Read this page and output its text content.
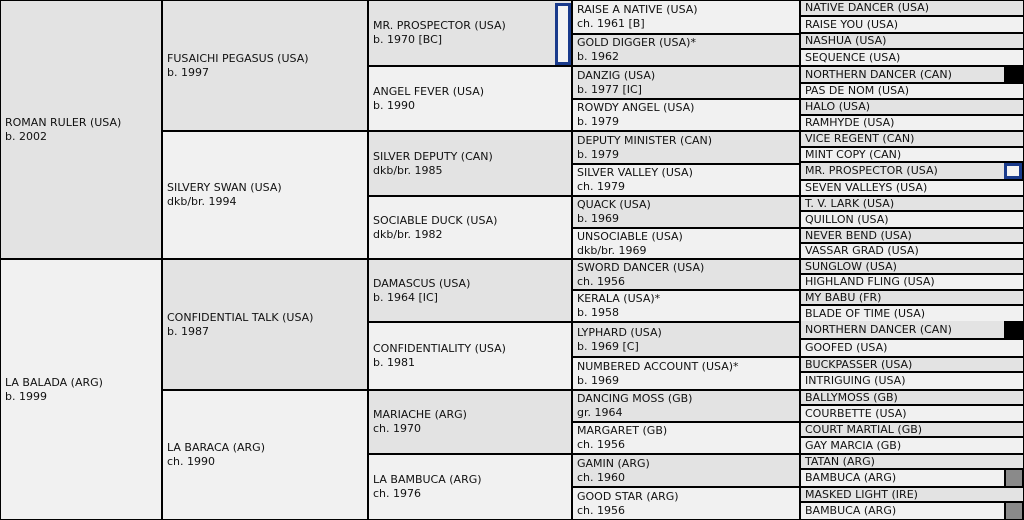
ROMAN RULER (USA)
b. 2002
LA BALADA (ARG)
b. 1999
FUSAICHI PEGASUS (USA)
b. 1997
SILVERY SWAN (USA)
dkb/br. 1994
CONFIDENTIAL TALK (USA)
b. 1987
LA BARACA (ARG)
ch. 1990
MR. PROSPECTOR (USA)
b. 1970 [BC]
ANGEL FEVER (USA)
b. 1990
SILVER DEPUTY (CAN)
dkb/br. 1985
SOCIABLE DUCK (USA)
dkb/br. 1982
DAMASCUS (USA)
b. 1964 [IC]
CONFIDENTIALITY (USA)
b. 1981
MARIACHE (ARG)
ch. 1970
LA BAMBUCA (ARG)
ch. 1976
RAISE A NATIVE (USA)
ch. 1961 [B]
GOLD DIGGER (USA)*
b. 1962
DANZIG (USA)
b. 1977 [IC]
ROWDY ANGEL (USA)
b. 1979
DEPUTY MINISTER (CAN)
b. 1979
SILVER VALLEY (USA)
ch. 1979
QUACK (USA)
b. 1969
UNSOCIABLE (USA)
dkb/br. 1969
SWORD DANCER (USA)
ch. 1956
KERALA (USA)*
b. 1958
LYPHARD (USA)
b. 1969 [C]
NUMBERED ACCOUNT (USA)*
b. 1969
DANCING MOSS (GB)
gr. 1964
MARGARET (GB)
ch. 1956
GAMIN (ARG)
ch. 1960
GOOD STAR (ARG)
ch. 1956
NATIVE DANCER (USA)
RAISE YOU (USA)
NASHUA (USA)
SEQUENCE (USA)
NORTHERN DANCER (CAN)
PAS DE NOM (USA)
HALO (USA)
RAMHYDE (USA)
VICE REGENT (CAN)
MINT COPY (CAN)
MR. PROSPECTOR (USA)
SEVEN VALLEYS (USA)
T. V. LARK (USA)
QUILLON (USA)
NEVER BEND (USA)
VASSAR GRAD (USA)
SUNGLOW (USA)
HIGHLAND FLING (USA)
MY BABU (FR)
BLADE OF TIME (USA)
NORTHERN DANCER (CAN)
GOOFED (USA)
BUCKPASSER (USA)
INTRIGUING (USA)
BALLYMOSS (GB)
COURBETTE (USA)
COURT MARTIAL (GB)
GAY MARCIA (GB)
TATAN (ARG)
BAMBUCA (ARG)
MASKED LIGHT (IRE)
BAMBUCA (ARG)
